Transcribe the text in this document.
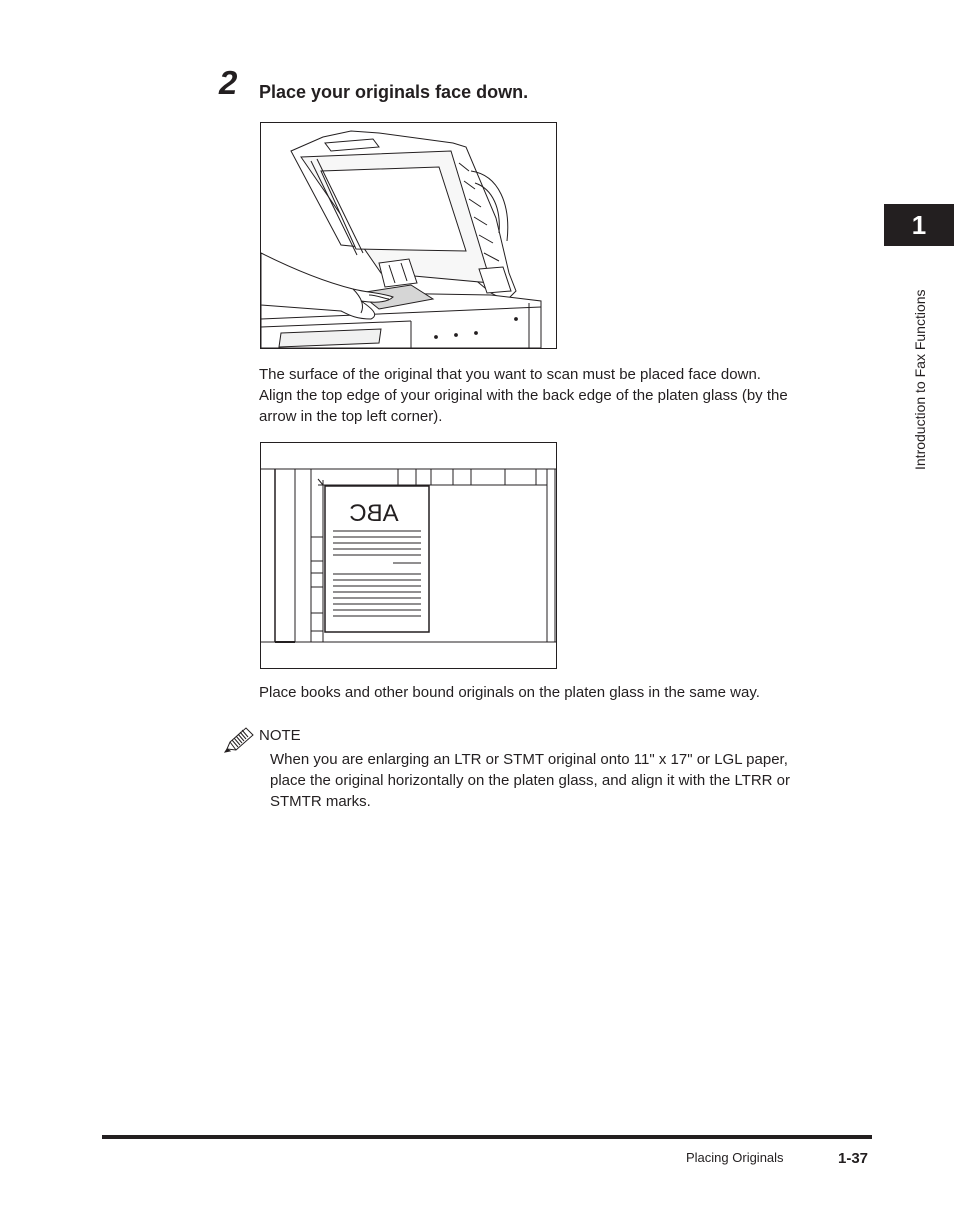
2 Place your originals face down.
The surface of the original that you want to scan must be placed face down.
Align the top edge of your original with the back edge of the platen glass (by the
arrow in the top left corner).
ABC
Place books and other bound originals on the platen glass in the same way.
NOTE
When you are enlarging an LTR or STMT original onto 11" x 17" or LGL paper,
place the original horizontally on the platen glass, and align it with the LTRR or
STMTR marks.
1
Introduction to Fax Functions
Placing Originals	1-37
